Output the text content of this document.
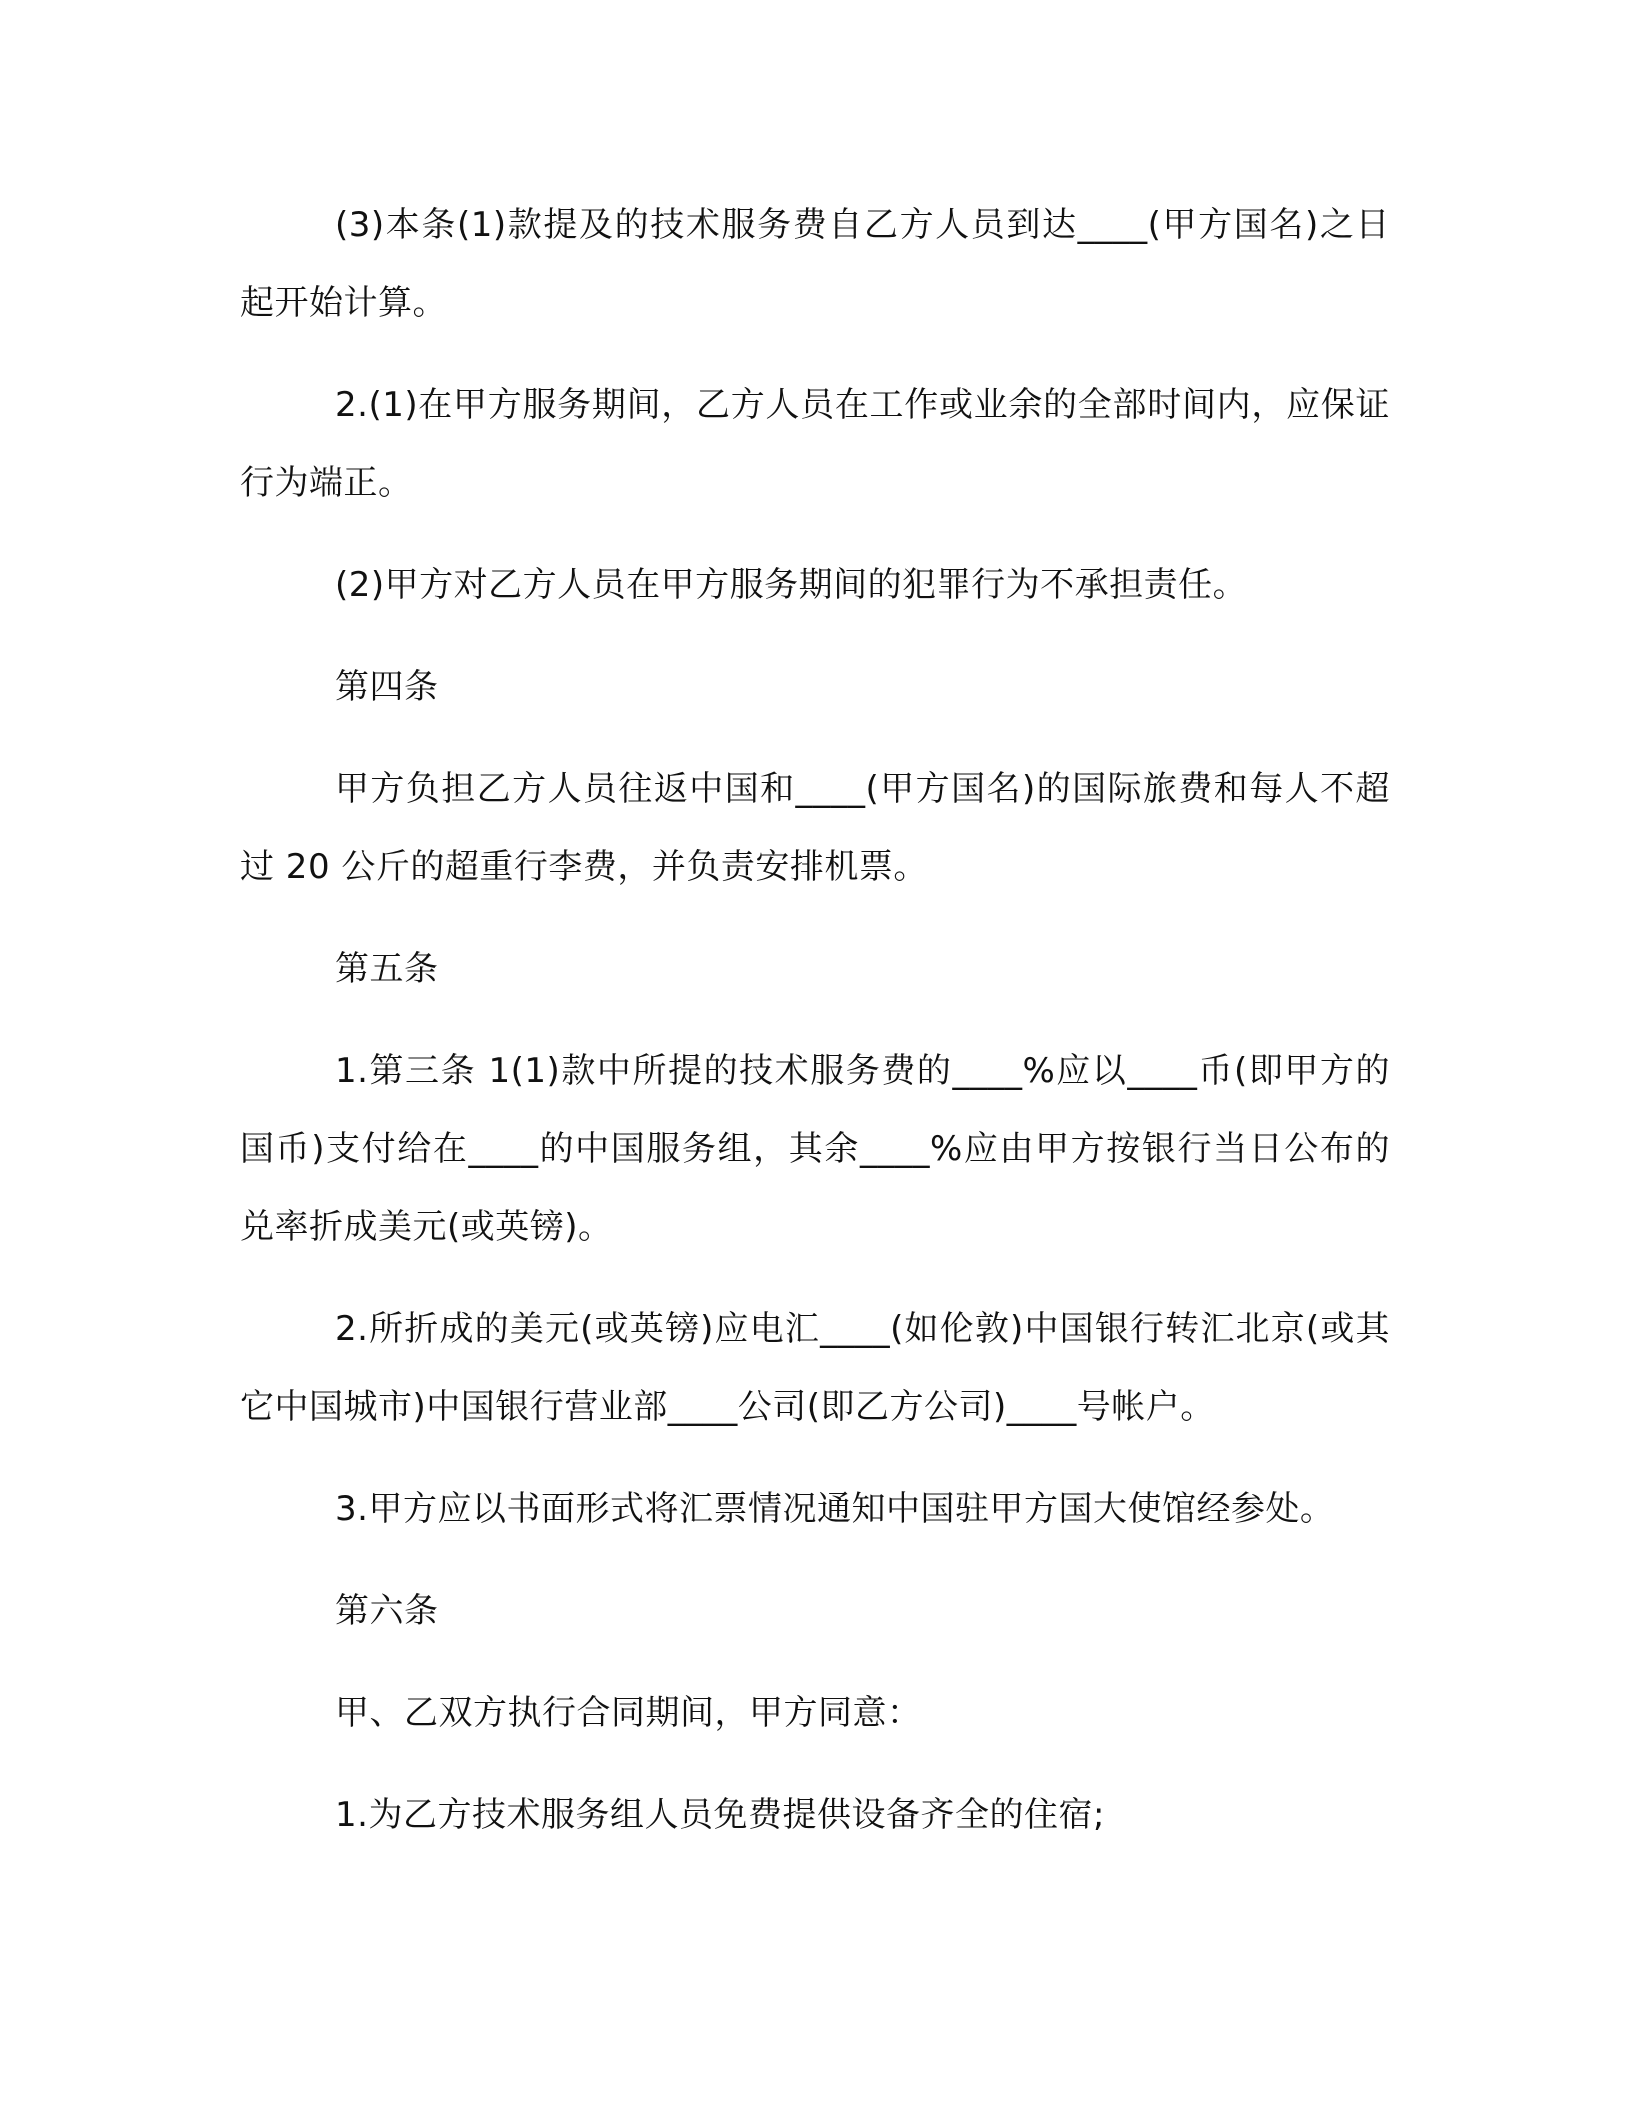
(3)本条(1)款提及的技术服务费自乙方人员到达____(甲方国名)之日起开始计算。

2.(1)在甲方服务期间，乙方人员在工作或业余的全部时间内，应保证行为端正。

(2)甲方对乙方人员在甲方服务期间的犯罪行为不承担责任。

第四条

甲方负担乙方人员往返中国和____(甲方国名)的国际旅费和每人不超过 20 公斤的超重行李费，并负责安排机票。

第五条

1.第三条 1(1)款中所提的技术服务费的____%应以____币(即甲方的国币)支付给在____的中国服务组，其余____%应由甲方按银行当日公布的兑率折成美元(或英镑)。

2.所折成的美元(或英镑)应电汇____(如伦敦)中国银行转汇北京(或其它中国城市)中国银行营业部____公司(即乙方公司)____号帐户。

3.甲方应以书面形式将汇票情况通知中国驻甲方国大使馆经参处。

第六条

甲、乙双方执行合同期间，甲方同意：

1.为乙方技术服务组人员免费提供设备齐全的住宿;
